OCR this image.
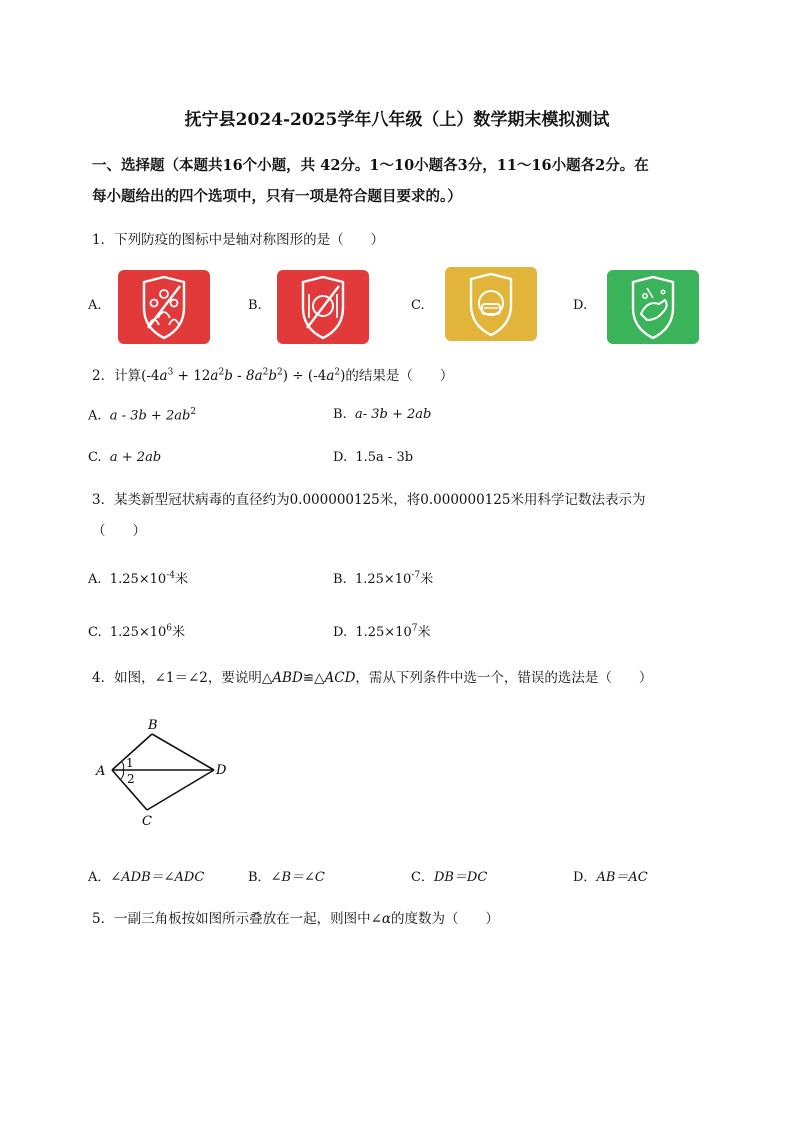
抚宁县2024-2025学年八年级（上）数学期末模拟测试
一、选择题（本题共16个小题，共 42分。1～10小题各3分，11～16小题各2分。在
每小题给出的四个选项中，只有一项是符合题目要求的。）
1．下列防疫的图标中是轴对称图形的是（　　）
A.	B.	C.	D.
2．计算$(-4a^3 + 12a^2b - 8a^2b^2) \div (-4a^2)$的结果是（　　）
A. $a - 3b + 2ab^2$	B. a- 3b + 2ab
C. a + 2ab	D. 1.5a - 3b
3．某类新型冠状病毒的直径约为0.000000125米，将0.000000125米用科学记数法表示为
（　　）
A. $1.25\times 10^{-4}$米	B. $1.25\times 10^{-7}$米
C. $1.25\times 10^6$米	D. $1.25\times 10^7$米
4．如图，∠1＝∠2，要说明△ABD≌△ACD，需从下列条件中选一个，错误的选法是（　　）
B
A	D
C
1
2
A．∠ADB＝∠ADC	B．∠B＝∠C	C．DB＝DC	D．AB＝AC
5．一副三角板按如图所示叠放在一起，则图中∠α的度数为（　　）
